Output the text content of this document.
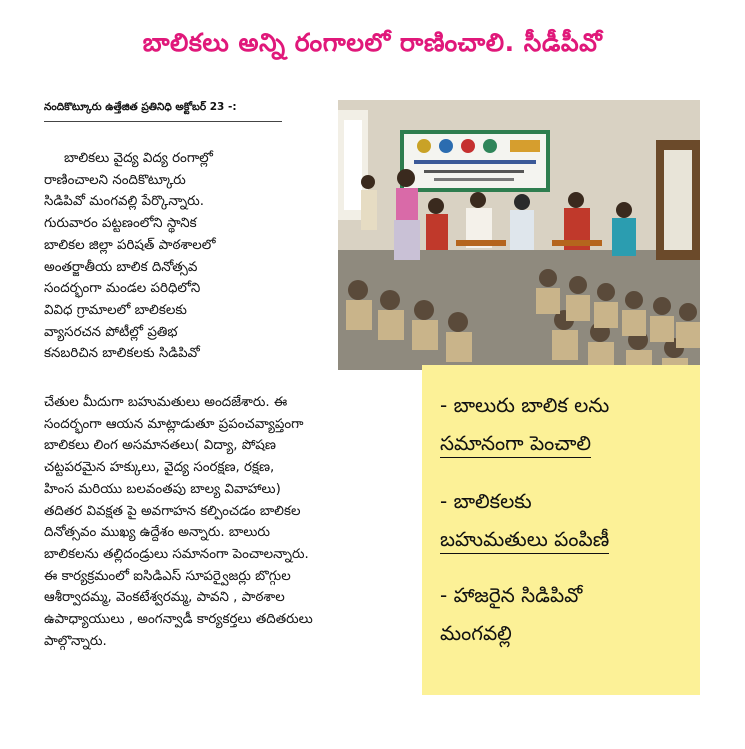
బాలికలు అన్ని రంగాలలో రాణించాలి. సీడీపీవో
నందికొట్కూరు ఉత్తేజిత ప్రతినిధి అక్టోబర్ 23 -:
బాలికలు వైద్య విద్య రంగాల్లో
రాణించాలని నందికొట్కూరు
సిడిపివో మంగవల్లి పేర్కొన్నారు.
గురువారం పట్టణంలోని స్థానిక
బాలికల జిల్లా పరిషత్ పాఠశాలలో
అంతర్జాతీయ బాలిక దినోత్సవ
సందర్భంగా మండల పరిధిలోని
వివిధ గ్రామాలలో బాలికలకు
వ్యాసరచన పోటీల్లో ప్రతిభ
కనబరిచిన బాలికలకు సిడిపివో
చేతుల మీదుగా బహుమతులు అందజేశారు. ఈ
సందర్భంగా ఆయన మాట్లాడుతూ ప్రపంచవ్యాప్తంగా
బాలికలు లింగ అసమానతలు( విద్యా, పోషణ
చట్టపరమైన హక్కులు, వైద్య సంరక్షణ, రక్షణ,
హింస మరియు బలవంతపు బాల్య వివాహాలు)
తదితర వివక్షత పై అవగాహన కల్పించడం బాలికల
దినోత్సవం ముఖ్య ఉద్దేశం అన్నారు. బాలురు
బాలికలను తల్లిదండ్రులు సమానంగా పెంచాలన్నారు.
ఈ కార్యక్రమంలో ఐసిడిఎస్ సూపర్వైజర్లు బొగ్గుల
ఆశీర్వాదమ్మ, వెంకటేశ్వరమ్మ, పావని , పాఠశాల
ఉపాధ్యాయులు , అంగన్వాడీ కార్యకర్తలు తదితరులు
పాల్గొన్నారు.
- బాలురు బాలిక లను
సమానంగా పెంచాలి
- బాలికలకు
బహుమతులు పంపిణీ
- హాజరైన సిడిపివో
మంగవల్లి
